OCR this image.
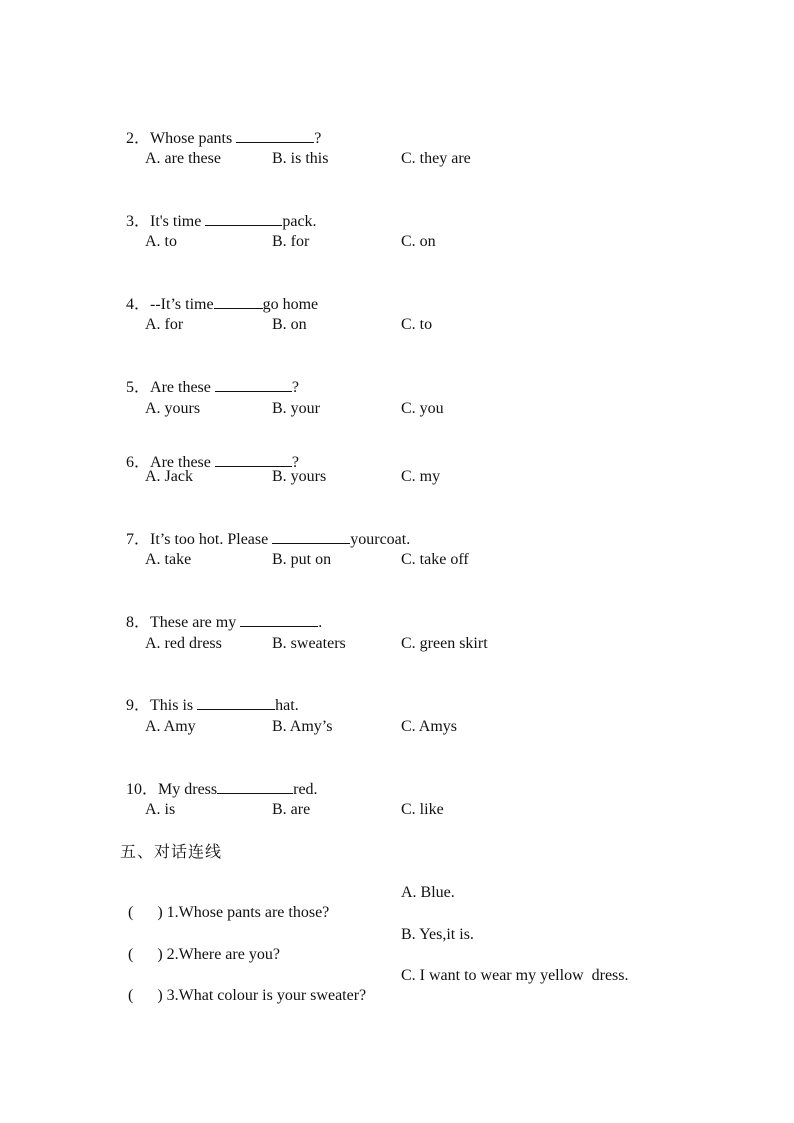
2．Whose pants	?

A. are these	B. is this	C. they are

3．It's time	pack.

A. to	B. for	C. on

4．--It’s time	go home

A. for	B. on	C. to

5．Are these	?

A. yours	B. your	C. you

6．Are these	?

A. Jack	B. yours	C. my

7．It’s too hot. Please	yourcoat.

A. take	B. put on	C. take off

8．These are my	.

A. red dress	B. sweaters	C. green skirt

9．This is	hat.

A. Amy	B. Amy’s	C. Amys

10．My dress	red.

A. is	B. are	C. like
五、对话连线

(      ) 1.Whose pants are those?

A. Blue.

(      ) 2.Where are you?

B. Yes,it is.

(      ) 3.What colour is your sweater?

C. I want to wear my yellow  dress.
